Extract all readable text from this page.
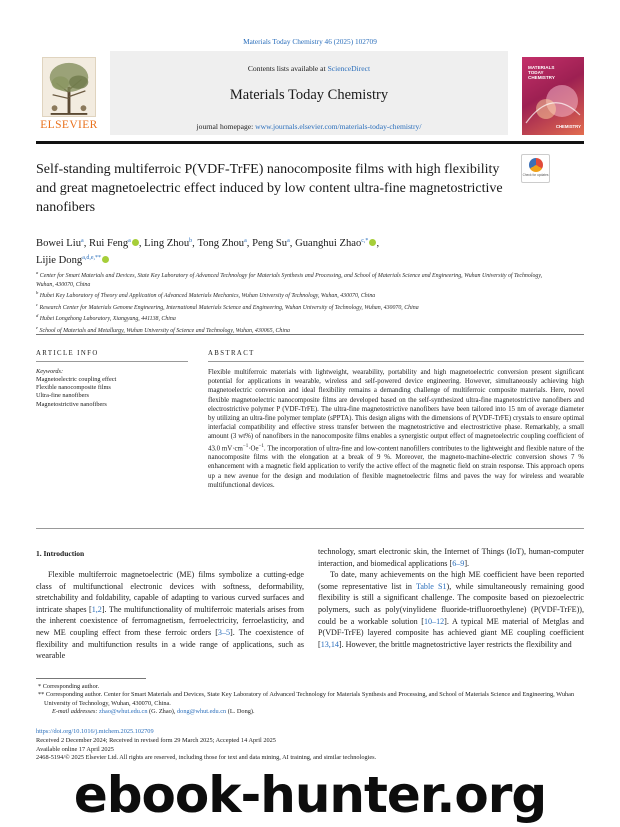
Materials Today Chemistry 46 (2025) 102709
ELSEVIER
Contents lists available at ScienceDirect
Materials Today Chemistry
journal homepage: www.journals.elsevier.com/materials-today-chemistry/
MATERIALS TODAY CHEMISTRY
CHEMISTRY
Self-standing multiferroic P(VDF-TrFE) nanocomposite films with high flexibility and great magnetoelectric effect induced by low content ultra-fine magnetostrictive nanofibers
Check for updates
Bowei Liu$^a$, Rui Feng$^a$ , Ling Zhou$^b$, Tong Zhou$^a$, Peng Su$^a$, Guanghui Zhao$^{c,*}$ ,
Lijie Dong$^{a,d,e,**}$
$^a$ Center for Smart Materials and Devices, State Key Laboratory of Advanced Technology for Materials Synthesis and Processing, and School of Materials Science and Engineering, Wuhan University of Technology, Wuhan, 430070, China
$^b$ Hubei Key Laboratory of Theory and Application of Advanced Materials Mechanics, Wuhan University of Technology, Wuhan, 430070, China
$^c$ Research Center for Materials Genome Engineering, International Materials Science and Engineering, Wuhan University of Technology, Wuhan, 430070, China
$^d$ Hubei Longzhong Laboratory, Xiangyang, 441138, China
$^e$ School of Materials and Metallurgy, Wuhan University of Science and Technology, Wuhan, 430065, China
ARTICLE INFO	ABSTRACT
Keywords:
Magnetoelectric coupling effect
Flexible nanocomposite films
Ultra-fine nanofibers
Magnetostrictive nanofibers
Flexible multiferroic materials with lightweight, wearability, portability and high magnetoelectric conversion present significant potential for applications in wearable, wireless and self-powered device engineering. However, simultaneously achieving high magnetoelectric conversion and ideal flexibility remains a demanding challenge of multiferroic composite materials. Here, novel flexible magnetoelectric nanocomposite films are developed based on the self-synthesized ultra-fine magnetostrictive nanofibers and electrostrictive polymer P (VDF-TrFE). The ultra-fine magnetostrictive nanofibers have been tailored into 15 nm of average diameter by utilizing an ultra-fine polymer template (sPPTA). This design aligns with the dimensions of P(VDF-TrFE) crystals to ensure optimal interfacial compatibility and effective stress transfer between the magnetostrictive and electrostrictive phase. Remarkably, a small amount (3 wt%) of nanofibers in the nanocomposite films enables a synergistic output effect of magnetoelectric coupling coefficient of 43.0 $mV\cdot cm^{-1}\cdot Oe^{-1}$. The incorporation of ultra-fine and low-content nanofillers contributes to the lightweight and flexible nature of the nanocomposite films with the elongation at a break of 9 %. Moreover, the magneto-machine-electric conversion shows 7 % enhancement with a magnetic field application to verify the active effect of the magnetic field on strain response. This approach opens up a new avenue for the design and modulation of flexible magnetoelectric films and paves the way for wireless and wearable multifunctional devices.
1. Introduction

Flexible multiferroic magnetoelectric (ME) films symbolize a cutting-edge class of multifunctional electronic devices with softness, deformability, stretchability and foldability, capable of adapting to various curved surfaces and intricate shapes [1,2]. The multifunctionality of multiferroic materials arises from the inherent coexistence of ferromagnetism, ferroelectricity, ferroelasticity, and new ME coupling effect from these ferroic orders [3–5]. The coexistence of flexibility and multifunction results in a wide range of applications, such as wearable

technology, smart electronic skin, the Internet of Things (IoT), human-computer interaction, and biomedical applications [6–9].

To date, many achievements on the high ME coefficient have been reported (some representative list in Table S1), while simultaneously remaining good flexibility is still a significant challenge. The composite based on piezoelectric polymers, such as poly(vinylidene fluoride-trifluoroethylene) (P(VDF-TrFE)), could be a workable solution [10–12]. A typical ME material of Metglas and P(VDF-TrFE) layered composite has achieved giant ME coupling coefficient [13,14]. However, the brittle magnetostrictive layer restricts the flexibility and

* Corresponding author.
** Corresponding author. Center for Smart Materials and Devices, State Key Laboratory of Advanced Technology for Materials Synthesis and Processing, and School of Materials Science and Engineering, Wuhan University of Technology, Wuhan, 430070, China.
E-mail addresses: zhao@whut.edu.cn (G. Zhao), dong@whut.edu.cn (L. Dong).
https://doi.org/10.1016/j.mtchem.2025.102709
Received 2 December 2024; Received in revised form 29 March 2025; Accepted 14 April 2025
Available online 17 April 2025
2468-5194/© 2025 Elsevier Ltd. All rights are reserved, including those for text and data mining, AI training, and similar technologies.
ebook-hunter.org
